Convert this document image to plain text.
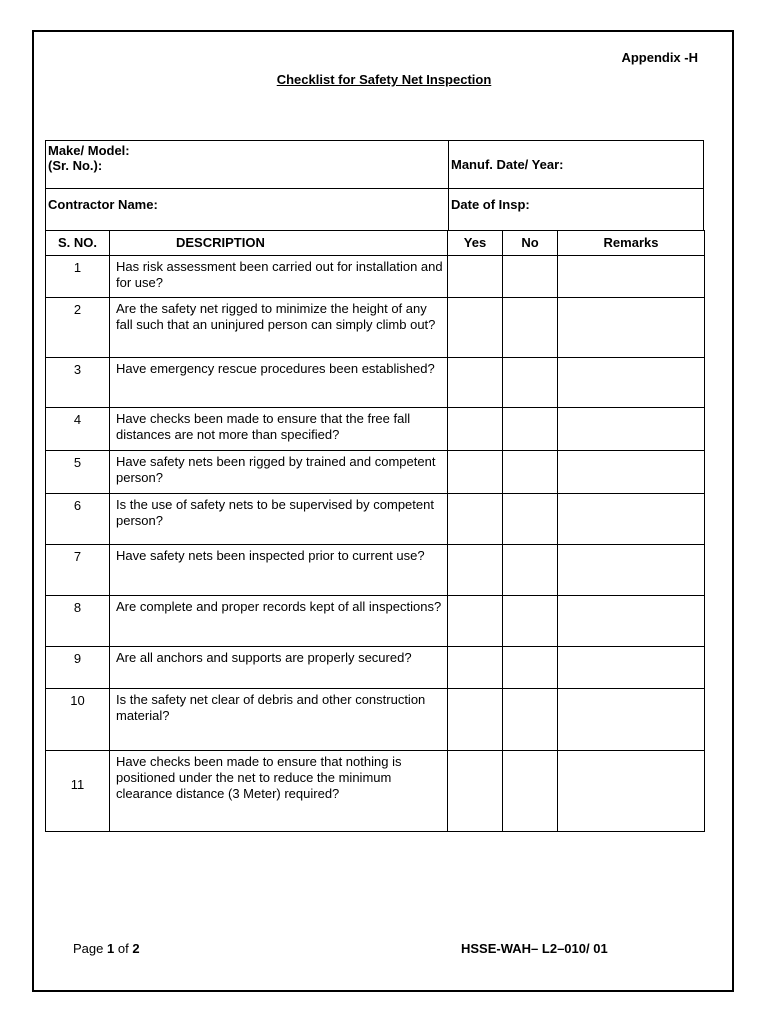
Appendix -H
Checklist for Safety Net Inspection
Make/ Model:
(Sr. No.):	Manuf. Date/ Year:

Contractor Name:	Date of Insp:
S. NO.	DESCRIPTION	Yes	No	Remarks
1	Has risk assessment been carried out for installation and for use?			
2	Are the safety net rigged to minimize the height of any fall such that an uninjured person can simply climb out?			
3	Have emergency rescue procedures been established?			
4	Have checks been made to ensure that the free fall distances are not more than specified?			
5	Have safety nets been rigged by trained and competent person?			
6	Is the use of safety nets to be supervised by competent person?			
7	Have safety nets been inspected prior to current use?			
8	Are complete and proper records kept of all inspections?			
9	Are all anchors and supports are properly secured?			
10	Is the safety net clear of debris and other construction material?			
11	Have checks been made to ensure that nothing is positioned under the net to reduce the minimum clearance distance (3 Meter) required?			
Page 1 of 2	HSSE-WAH– L2–010/ 01
